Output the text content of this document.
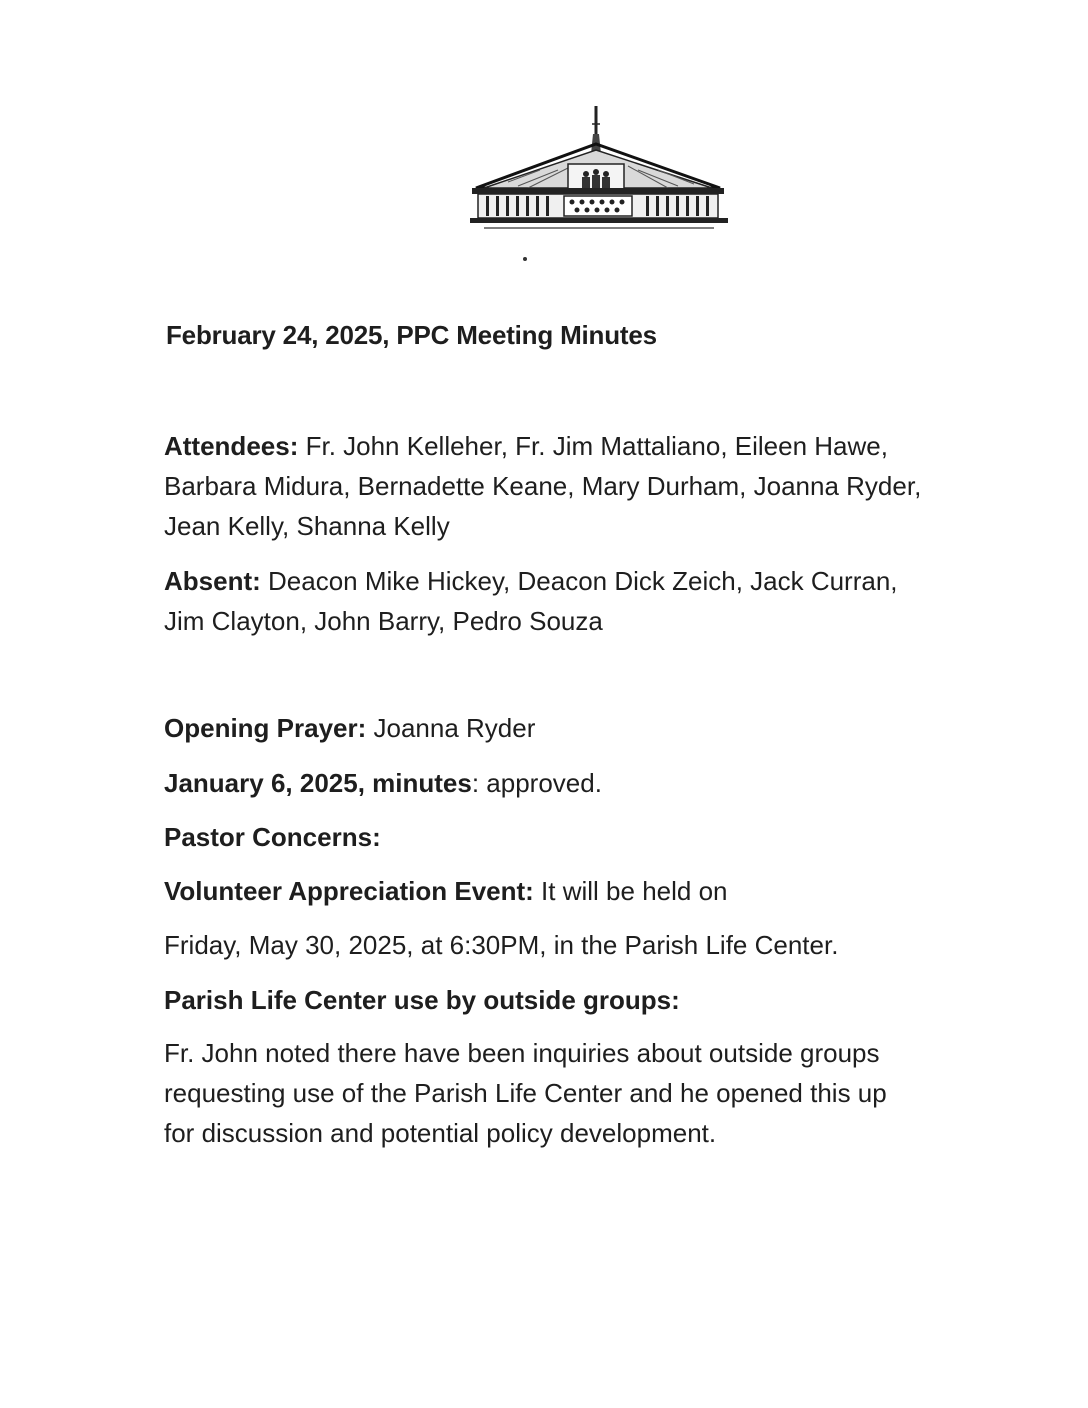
February 24, 2025, PPC Meeting Minutes

Attendees: Fr. John Kelleher, Fr. Jim Mattaliano, Eileen Hawe, Barbara Midura, Bernadette Keane, Mary Durham, Joanna Ryder, Jean Kelly, Shanna Kelly

Absent: Deacon Mike Hickey, Deacon Dick Zeich, Jack Curran, Jim Clayton, John Barry, Pedro Souza

Opening Prayer: Joanna Ryder

January 6, 2025, minutes: approved.

Pastor Concerns:

Volunteer Appreciation Event: It will be held on

Friday, May 30, 2025, at 6:30PM, in the Parish Life Center.

Parish Life Center use by outside groups:

Fr. John noted there have been inquiries about outside groups requesting use of the Parish Life Center and he opened this up for discussion and potential policy development.
